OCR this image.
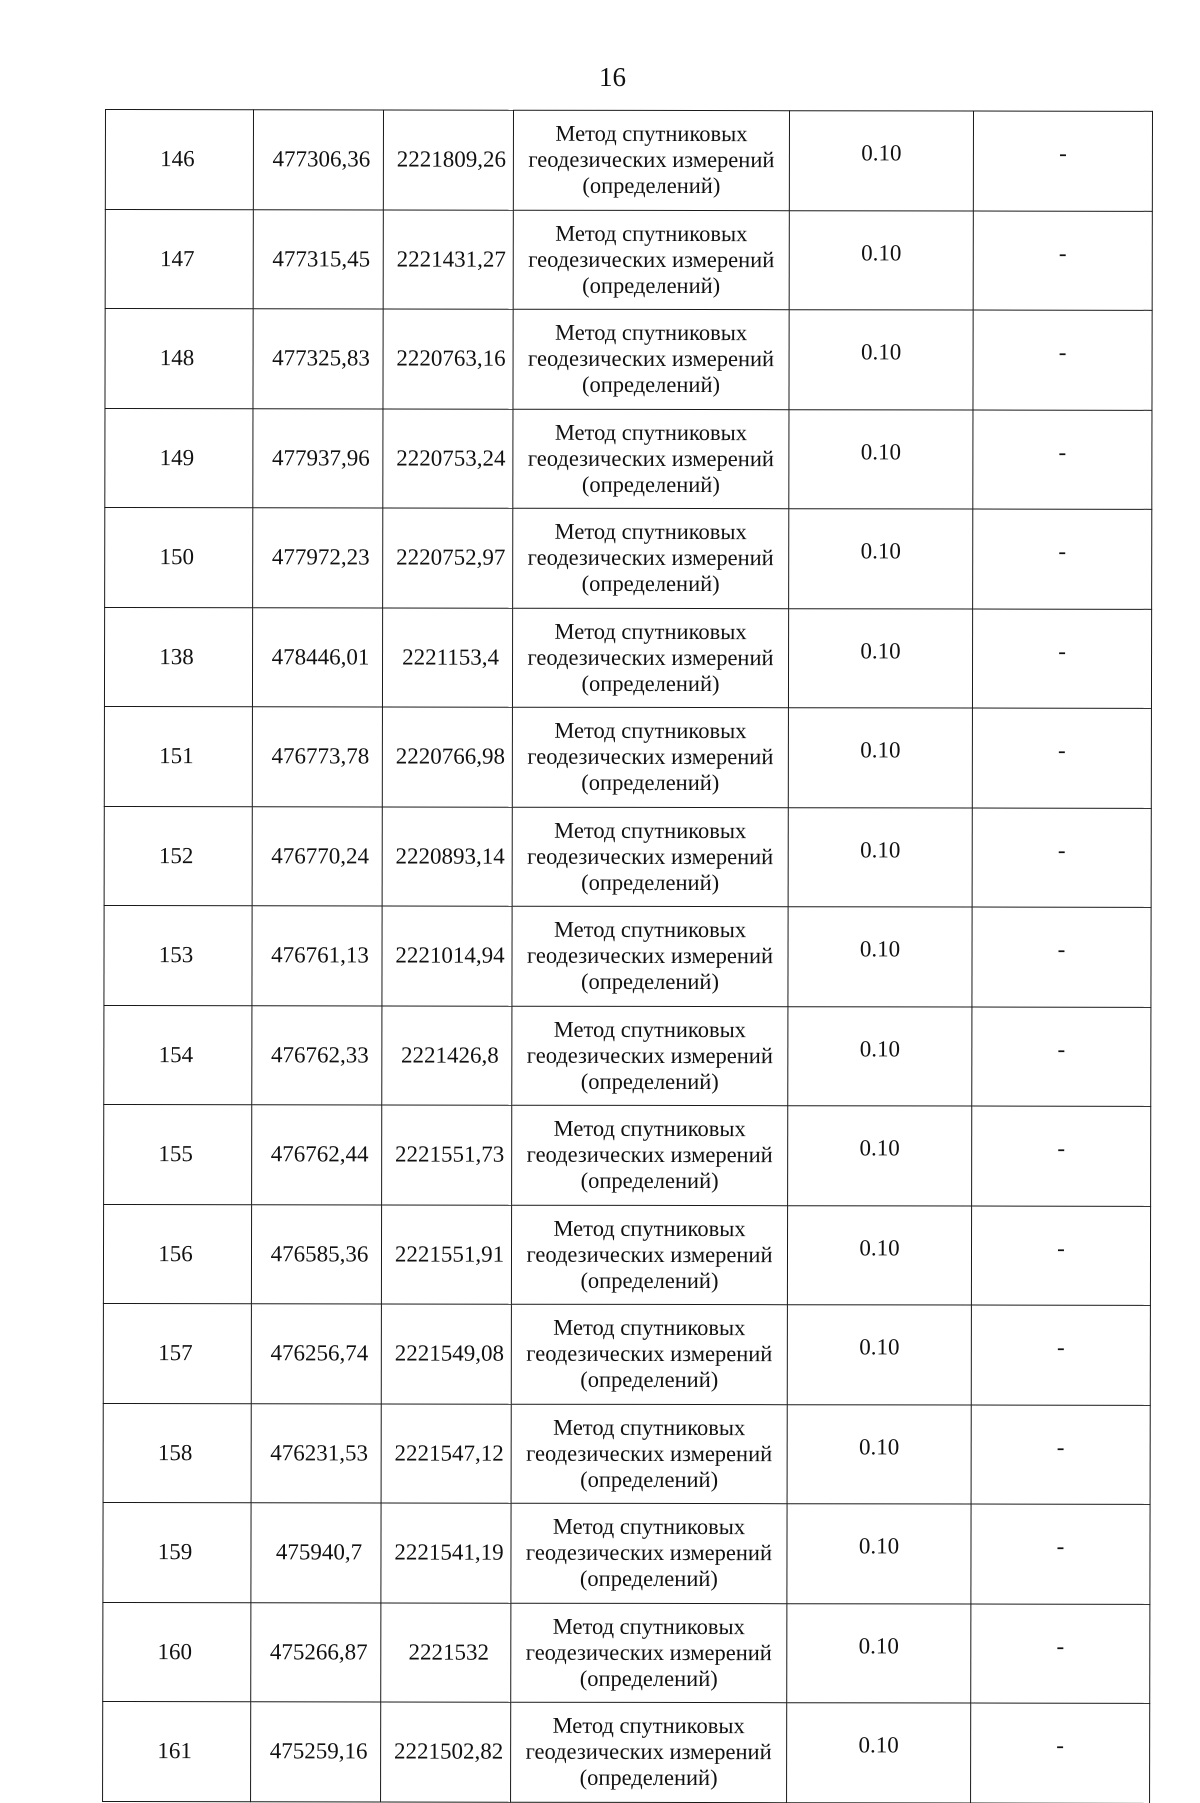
16
146	477306,36	2221809,26	Метод спутниковых
геодезических измерений
(определений)	0.10	-
147	477315,45	2221431,27	Метод спутниковых
геодезических измерений
(определений)	0.10	-
148	477325,83	2220763,16	Метод спутниковых
геодезических измерений
(определений)	0.10	-
149	477937,96	2220753,24	Метод спутниковых
геодезических измерений
(определений)	0.10	-
150	477972,23	2220752,97	Метод спутниковых
геодезических измерений
(определений)	0.10	-
138	478446,01	2221153,4	Метод спутниковых
геодезических измерений
(определений)	0.10	-
151	476773,78	2220766,98	Метод спутниковых
геодезических измерений
(определений)	0.10	-
152	476770,24	2220893,14	Метод спутниковых
геодезических измерений
(определений)	0.10	-
153	476761,13	2221014,94	Метод спутниковых
геодезических измерений
(определений)	0.10	-
154	476762,33	2221426,8	Метод спутниковых
геодезических измерений
(определений)	0.10	-
155	476762,44	2221551,73	Метод спутниковых
геодезических измерений
(определений)	0.10	-
156	476585,36	2221551,91	Метод спутниковых
геодезических измерений
(определений)	0.10	-
157	476256,74	2221549,08	Метод спутниковых
геодезических измерений
(определений)	0.10	-
158	476231,53	2221547,12	Метод спутниковых
геодезических измерений
(определений)	0.10	-
159	475940,7	2221541,19	Метод спутниковых
геодезических измерений
(определений)	0.10	-
160	475266,87	2221532	Метод спутниковых
геодезических измерений
(определений)	0.10	-
161	475259,16	2221502,82	Метод спутниковых
геодезических измерений
(определений)	0.10	-
